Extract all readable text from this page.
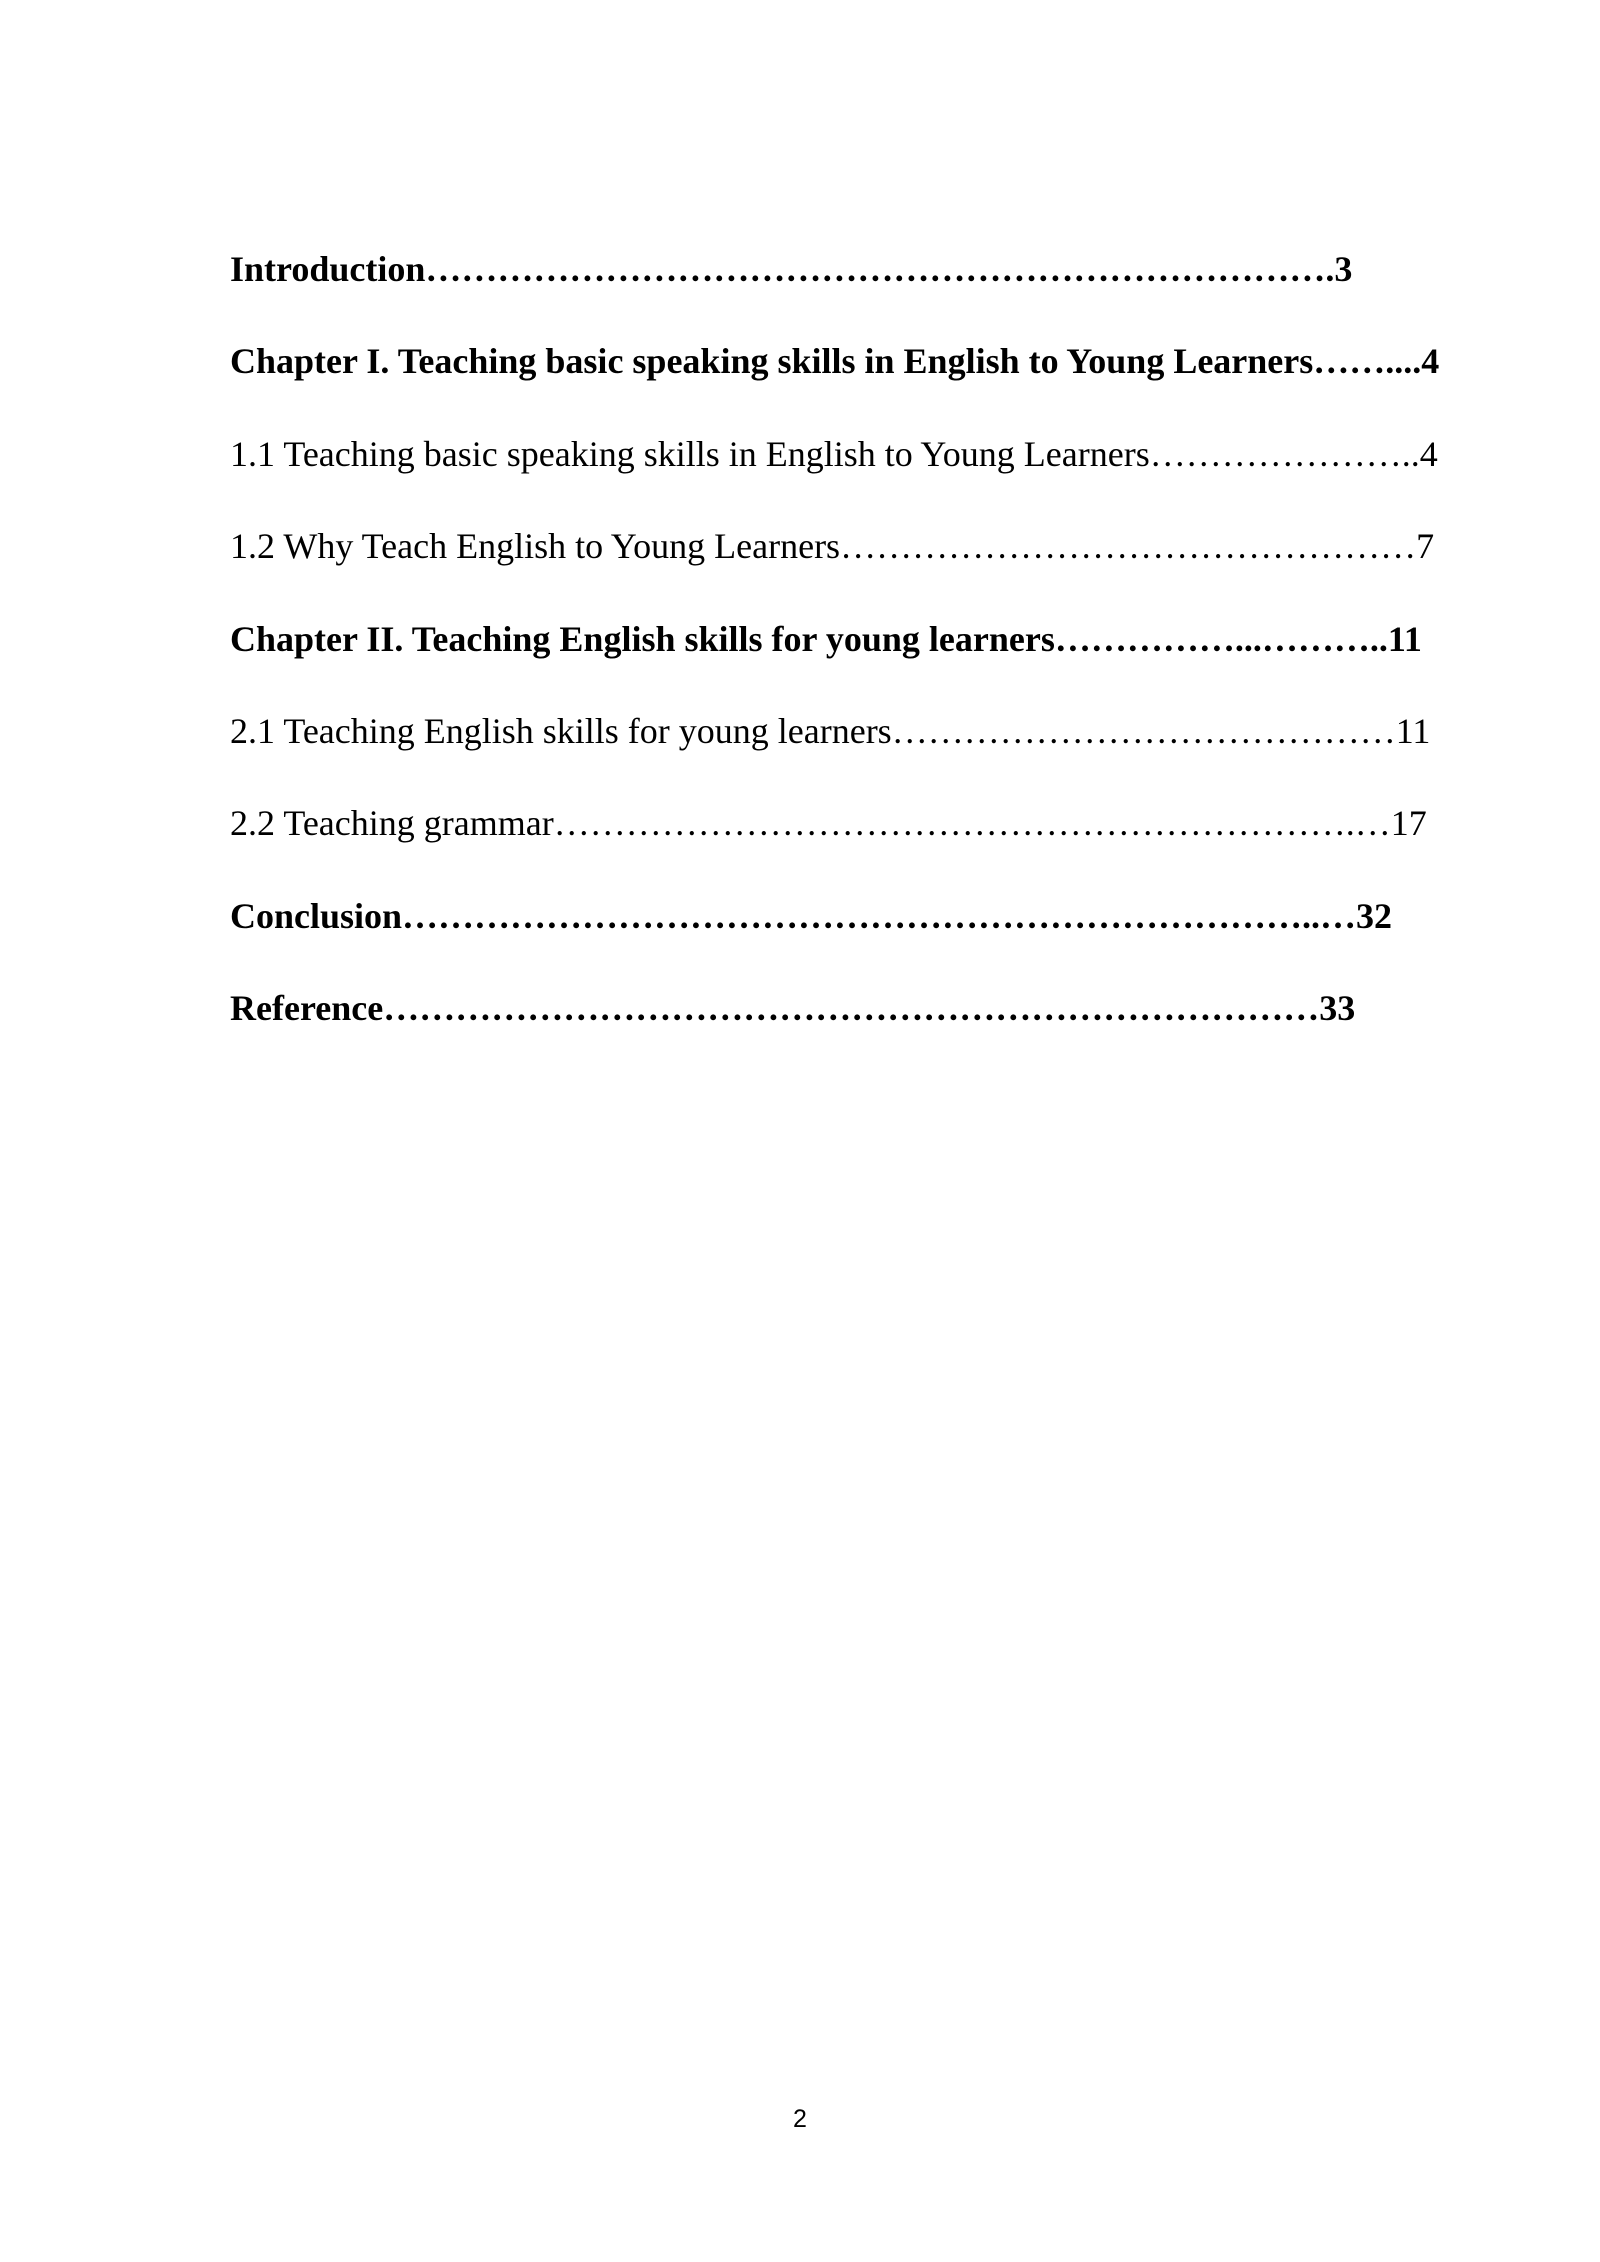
Introduction………………………………………………………………….3
Chapter I. Teaching basic speaking skills in English to Young Learners……....4
1.1 Teaching basic speaking skills in English to Young Learners…………………..4
1.2 Why Teach English to Young Learners…………………………………………7
Chapter II. Teaching English skills for young learners……………...………..11
2.1 Teaching English skills for young learners……………………………………11
2.2 Teaching grammar………………………………………………………….…17
Conclusion…………………………………………………………………..…32
Reference……………………………………………………………………33
2
